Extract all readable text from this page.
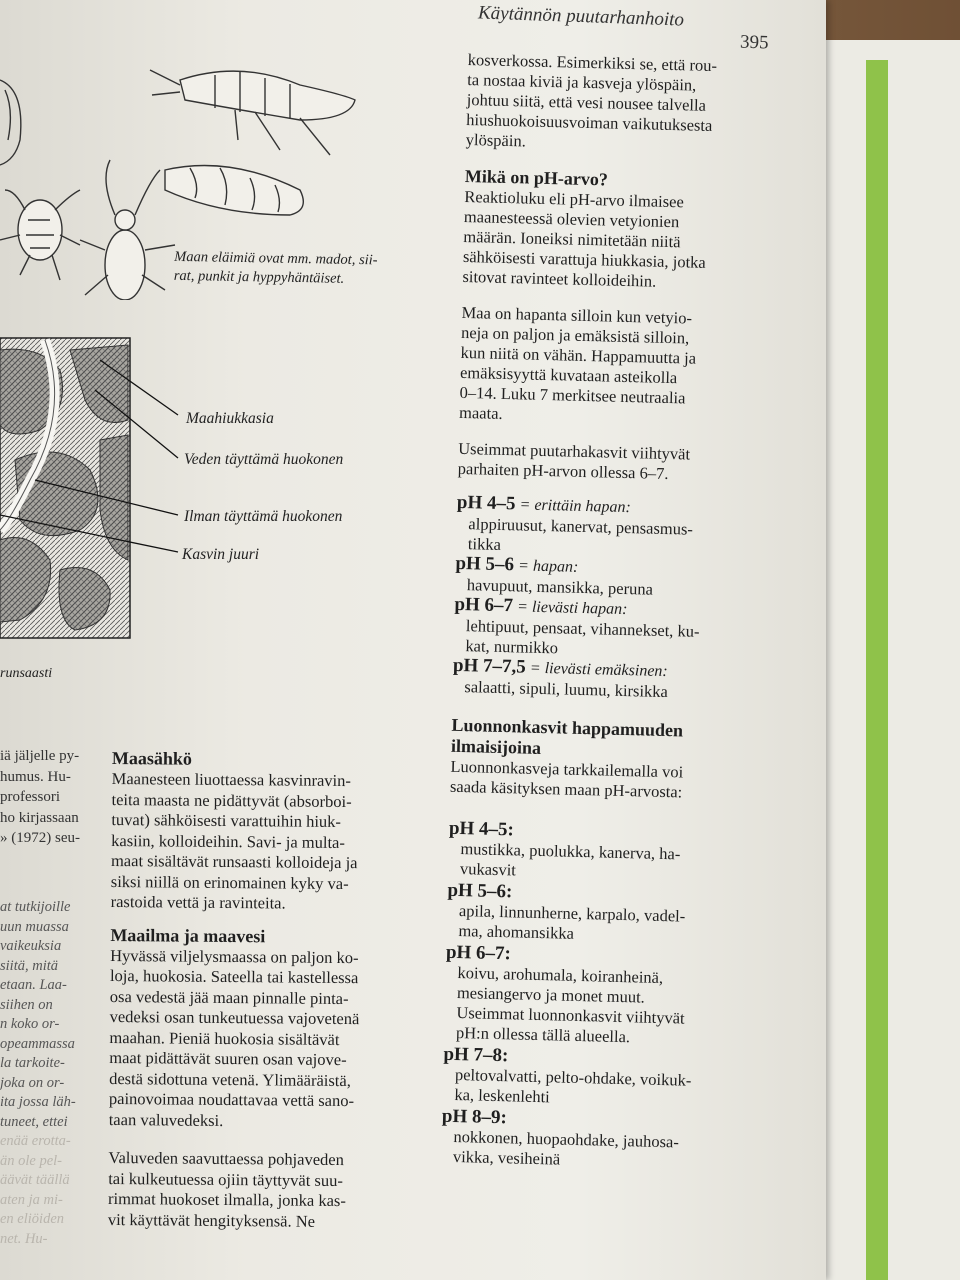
Käytännön puutarhanhoito
395
Maan eläimiä ovat mm. madot, sii-
rat, punkit ja hyppyhäntäiset.
Maahiukkasia
Veden täyttämä huokonen
Ilman täyttämä huokonen
Kasvin juuri
runsaasti
iä jäljelle py-
humus. Hu-
professori
ho kirjassaan
» (1972) seu-
at tutkijoille
uun muassa
vaikeuksia
siitä, mitä
etaan. Laa-
siihen on
n koko or-
opeammassa
la tarkoite-
joka on or-
ita jossa läh-
tuneet, ettei
enää erotta-
än ole pel-
äävät täällä
aten ja mi-
en eliöiden
net. Hu-
Maasähkö
Maanesteen liuottaessa kasvinravin-
teita maasta ne pidättyvät (absorboi-
tuvat) sähköisesti varattuihin hiuk-
kasiin, kolloideihin. Savi- ja multa-
maat sisältävät runsaasti kolloideja ja
siksi niillä on erinomainen kyky va-
rastoida vettä ja ravinteita.
Maailma ja maavesi
Hyvässä viljelysmaassa on paljon ko-
loja, huokosia. Sateella tai kastellessa
osa vedestä jää maan pinnalle pinta-
vedeksi osan tunkeutuessa vajovetenä
maahan. Pieniä huokosia sisältävät
maat pidättävät suuren osan vajove-
destä sidottuna vetenä. Ylimääräistä,
painovoimaa noudattavaa vettä sano-
taan valuvedeksi.
Valuveden saavuttaessa pohjaveden
tai kulkeutuessa ojiin täyttyvät suu-
rimmat huokoset ilmalla, jonka kas-
vit käyttävät hengityksensä. Ne
kosverkossa. Esimerkiksi se, että rou-
ta nostaa kiviä ja kasveja ylöspäin,
johtuu siitä, että vesi nousee talvella
hiushuokoisuusvoiman vaikutuksesta
ylöspäin.
Mikä on pH-arvo?
Reaktioluku eli pH-arvo ilmaisee
maanesteessä olevien vetyionien
määrän. Ioneiksi nimitetään niitä
sähköisesti varattuja hiukkasia, jotka
sitovat ravinteet kolloideihin.
Maa on hapanta silloin kun vetyio-
neja on paljon ja emäksistä silloin,
kun niitä on vähän. Happamuutta ja
emäksisyyttä kuvataan asteikolla
0–14. Luku 7 merkitsee neutraalia
maata.
Useimmat puutarhakasvit viihtyvät
parhaiten pH-arvon ollessa 6–7.
pH 4–5 = erittäin hapan:
alppiruusut, kanervat, pensasmus-
tikka
pH 5–6 = hapan:
havupuut, mansikka, peruna
pH 6–7 = lievästi hapan:
lehtipuut, pensaat, vihannekset, ku-
kat, nurmikko
pH 7–7,5 = lievästi emäksinen:
salaatti, sipuli, luumu, kirsikka
Luonnonkasvit happamuuden
ilmaisijoina
Luonnonkasveja tarkkailemalla voi
saada käsityksen maan pH-arvosta:
pH 4–5:
mustikka, puolukka, kanerva, ha-
vukasvit
pH 5–6:
apila, linnunherne, karpalo, vadel-
ma, ahomansikka
pH 6–7:
koivu, arohumala, koiranheinä,
mesiangervo ja monet muut.
Useimmat luonnonkasvit viihtyvät
pH:n ollessa tällä alueella.
pH 7–8:
peltovalvatti, pelto-ohdake, voikuk-
ka, leskenlehti
pH 8–9:
nokkonen, huopaohdake, jauhosa-
vikka, vesiheinä
